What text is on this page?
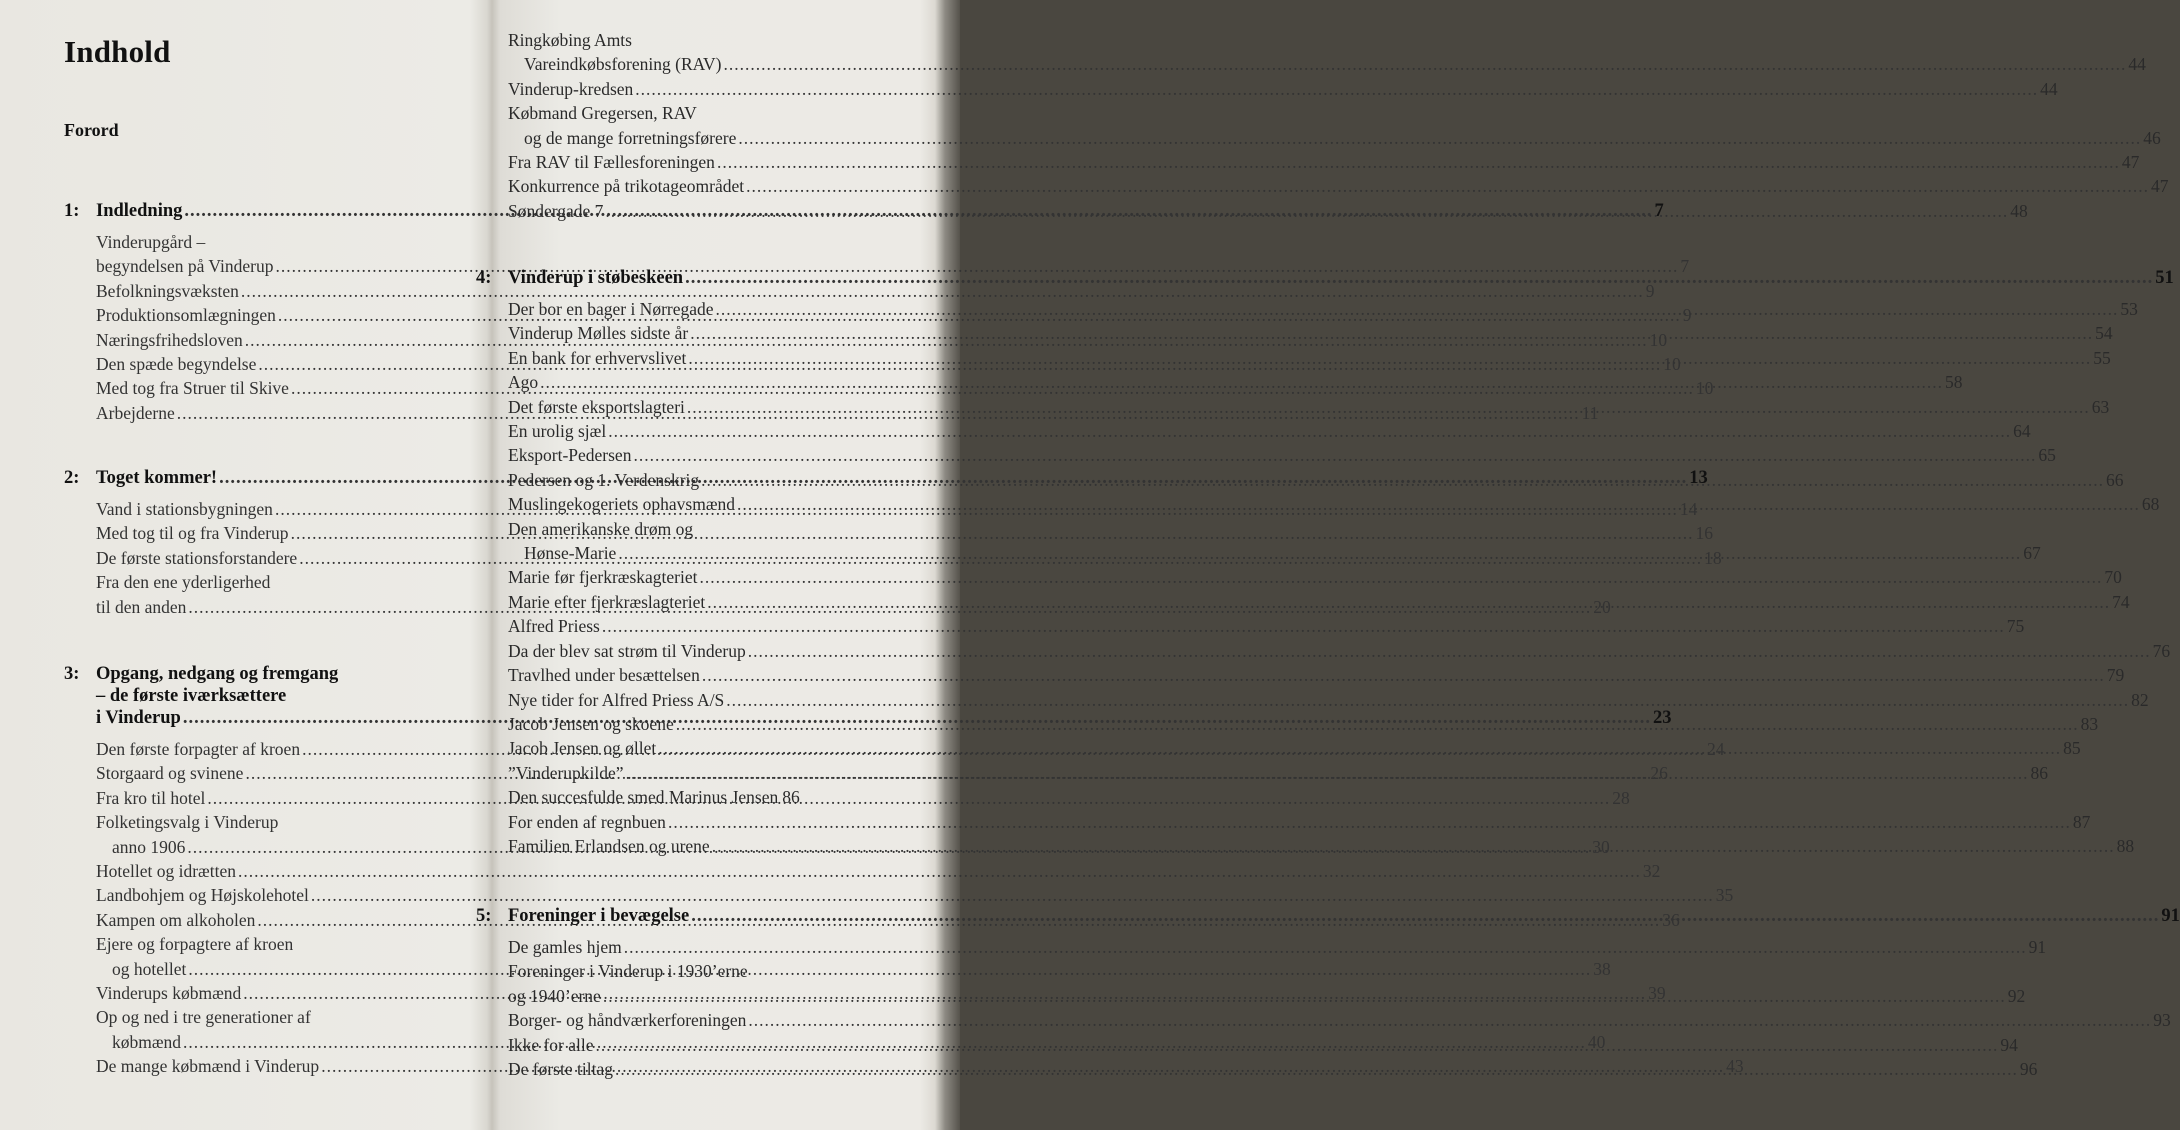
Indhold
Forord
1: Indledning .....	7
Vinderupgård –
begyndelsen på Vinderup .....	7
Befolkningsvæksten .....	9
Produktionsomlægningen .....	9
Næringsfrihedsloven .....	10
Den spæde begyndelse .....	10
Med tog fra Struer til Skive .....	10
Arbejderne .....	11
2: Toget kommer! .....	13
Vand i stationsbygningen .....	14
Med tog til og fra Vinderup .....	16
De første stationsforstandere .....	18
Fra den ene yderligerhed
til den anden .....	20
3: Opgang, nedgang og fremgang
– de første iværksættere
i Vinderup .....	23
Den første forpagter af kroen .....	24
Storgaard og svinene .....	26
Fra kro til hotel .....	28
Folketingsvalg i Vinderup
anno 1906 .....	30
Hotellet og idrætten .....	32
Landbohjem og Højskolehotel .....	35
Kampen om alkoholen .....	36
Ejere og forpagtere af kroen
og hotellet .....	38
Vinderups købmænd .....	39
Op og ned i tre generationer af
købmænd .....	40
De mange købmænd i Vinderup .....	43
Ringkøbing Amts
Vareindkøbsforening (RAV) .....	44
Vinderup-kredsen .....	44
Købmand Gregersen, RAV
og de mange forretningsførere .....	46
Fra RAV til Fællesforeningen .....	47
Konkurrence på trikotageområdet .....	47
Søndergade 7 .....	48
4: Vinderup i støbeskeen .....	51
Der bor en bager i Nørregade .....	53
Vinderup Mølles sidste år .....	54
En bank for erhvervslivet .....	55
Ago .....	58
Det første eksportslagteri .....	63
En urolig sjæl .....	64
Eksport-Pedersen .....	65
Pedersen og 1. Verdenskrig .....	66
Muslingekogeriets ophavsmænd .....	68
Den amerikanske drøm og
Hønse-Marie .....	67
Marie før fjerkræskagteriet .....	70
Marie efter fjerkræslagteriet .....	74
Alfred Priess .....	75
Da der blev sat strøm til Vinderup .....	76
Travlhed under besættelsen .....	79
Nye tider for Alfred Priess A/S .....	82
Jacob Jensen og skoene .....	83
Jacob Jensen og øllet .....	85
”Vinderupkilde” .....	86
Den succesfulde smed Marinus Jensen 86
For enden af regnbuen .....	87
Familien Erlandsen og urene .....	88
5: Foreninger i bevægelse .....	91
De gamles hjem .....	91
Foreninger i Vinderup i 1930’erne
og 1940’erne .....	92
Borger- og håndværkerforeningen .....	93
Ikke for alle .....	94
De første tiltag .....	96
